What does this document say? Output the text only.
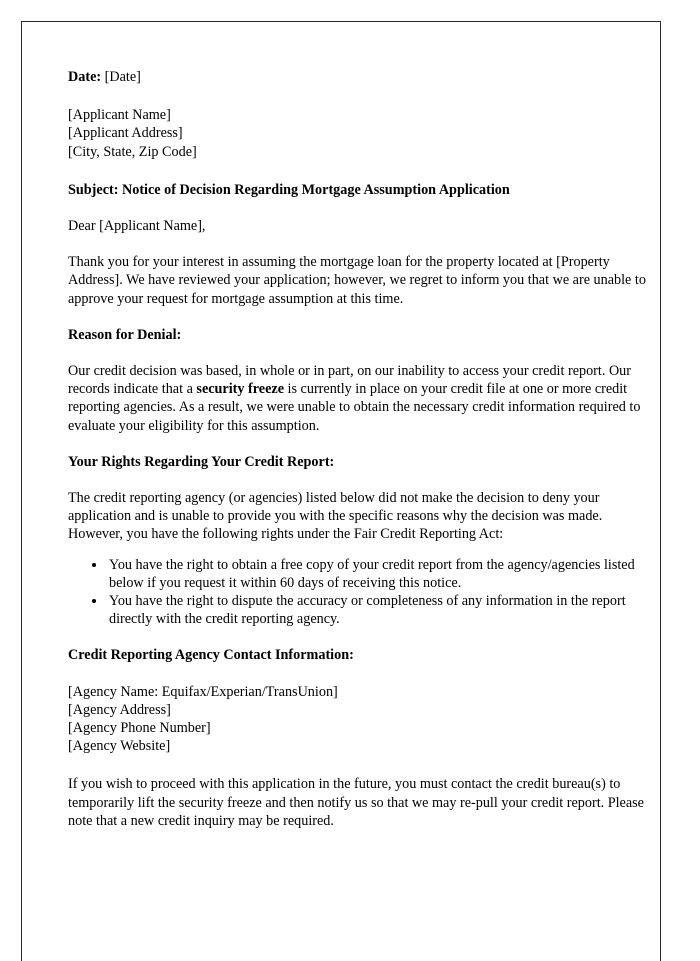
Date: [Date]

[Applicant Name]

[Applicant Address]

[City, State, Zip Code]

Subject: Notice of Decision Regarding Mortgage Assumption Application

Dear [Applicant Name],

Thank you for your interest in assuming the mortgage loan for the property located at [Property Address]. We have reviewed your application; however, we regret to inform you that we are unable to approve your request for mortgage assumption at this time.

Reason for Denial:

Our credit decision was based, in whole or in part, on our inability to access your credit report. Our records indicate that a security freeze is currently in place on your credit file at one or more credit reporting agencies. As a result, we were unable to obtain the necessary credit information required to evaluate your eligibility for this assumption.

Your Rights Regarding Your Credit Report:

The credit reporting agency (or agencies) listed below did not make the decision to deny your application and is unable to provide you with the specific reasons why the decision was made. However, you have the following rights under the Fair Credit Reporting Act:

• You have the right to obtain a free copy of your credit report from the agency/agencies listed below if you request it within 60 days of receiving this notice.
• You have the right to dispute the accuracy or completeness of any information in the report directly with the credit reporting agency.

Credit Reporting Agency Contact Information:

[Agency Name: Equifax/Experian/TransUnion]

[Agency Address]

[Agency Phone Number]

[Agency Website]

If you wish to proceed with this application in the future, you must contact the credit bureau(s) to temporarily lift the security freeze and then notify us so that we may re-pull your credit report. Please note that a new credit inquiry may be required.
